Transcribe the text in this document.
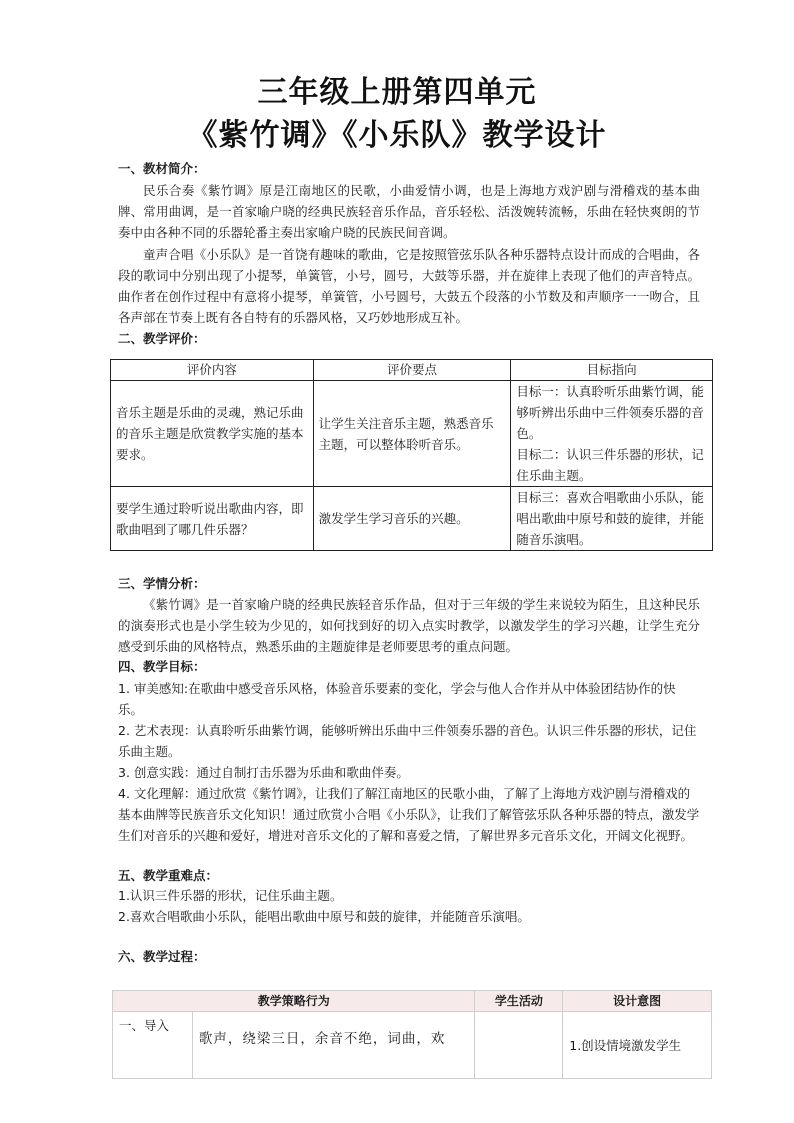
三年级上册第四单元
《紫竹调》《小乐队》教学设计
一、教材简介：
民乐合奏《紫竹调》原是江南地区的民歌，小曲爱情小调，也是上海地方戏沪剧与滑稽戏的基本曲牌、常用曲调，是一首家喻户晓的经典民族轻音乐作品，音乐轻松、活泼婉转流畅，乐曲在轻快爽朗的节奏中由各种不同的乐器轮番主奏出家喻户晓的民族民间音调。
童声合唱《小乐队》是一首饶有趣味的歌曲，它是按照管弦乐队各种乐器特点设计而成的合唱曲，各段的歌词中分别出现了小提琴，单簧管，小号，圆号，大鼓等乐器，并在旋律上表现了他们的声音特点。曲作者在创作过程中有意将小提琴，单簧管，小号圆号，大鼓五个段落的小节数及和声顺序一一吻合，且各声部在节奏上既有各自特有的乐器风格，又巧妙地形成互补。
二、教学评价：
评价内容	评价要点	目标指向
音乐主题是乐曲的灵魂，熟记乐曲的音乐主题是欣赏教学实施的基本要求。	让学生关注音乐主题，熟悉音乐主题，可以整体聆听音乐。	目标一：认真聆听乐曲紫竹调，能够听辨出乐曲中三件领奏乐器的音色。
目标二：认识三件乐器的形状，记住乐曲主题。

要学生通过聆听说出歌曲内容，即歌曲唱到了哪几件乐器？	激发学生学习音乐的兴趣。	目标三：喜欢合唱歌曲小乐队，能唱出歌曲中原号和鼓的旋律，并能随音乐演唱。
三、学情分析：
《紫竹调》是一首家喻户晓的经典民族轻音乐作品，但对于三年级的学生来说较为陌生，且这种民乐的演奏形式也是小学生较为少见的，如何找到好的切入点实时教学，以激发学生的学习兴趣，让学生充分感受到乐曲的风格特点，熟悉乐曲的主题旋律是老师要思考的重点问题。
四、教学目标：

1. 审美感知:在歌曲中感受音乐风格，体验音乐要素的变化，学会与他人合作并从中体验团结协作的快乐。

2. 艺术表现：认真聆听乐曲紫竹调，能够听辨出乐曲中三件领奏乐器的音色。认识三件乐器的形状，记住乐曲主题。

3. 创意实践：通过自制打击乐器为乐曲和歌曲伴奏。

4. 文化理解：通过欣赏《紫竹调》，让我们了解江南地区的民歌小曲，了解了上海地方戏沪剧与滑稽戏的基本曲牌等民族音乐文化知识！通过欣赏小合唱《小乐队》，让我们了解管弦乐队各种乐器的特点，激发学生们对音乐的兴趣和爱好，增进对音乐文化的了解和喜爱之情，了解世界多元音乐文化，开阔文化视野。

五、教学重难点：

1.认识三件乐器的形状，记住乐曲主题。

2.喜欢合唱歌曲小乐队，能唱出歌曲中原号和鼓的旋律，并能随音乐演唱。

六、教学过程：
教学策略行为		学生活动	设计意图
一、导入	歌声，绕梁三日，余音不绝，词曲，欢		1.创设情境激发学生
